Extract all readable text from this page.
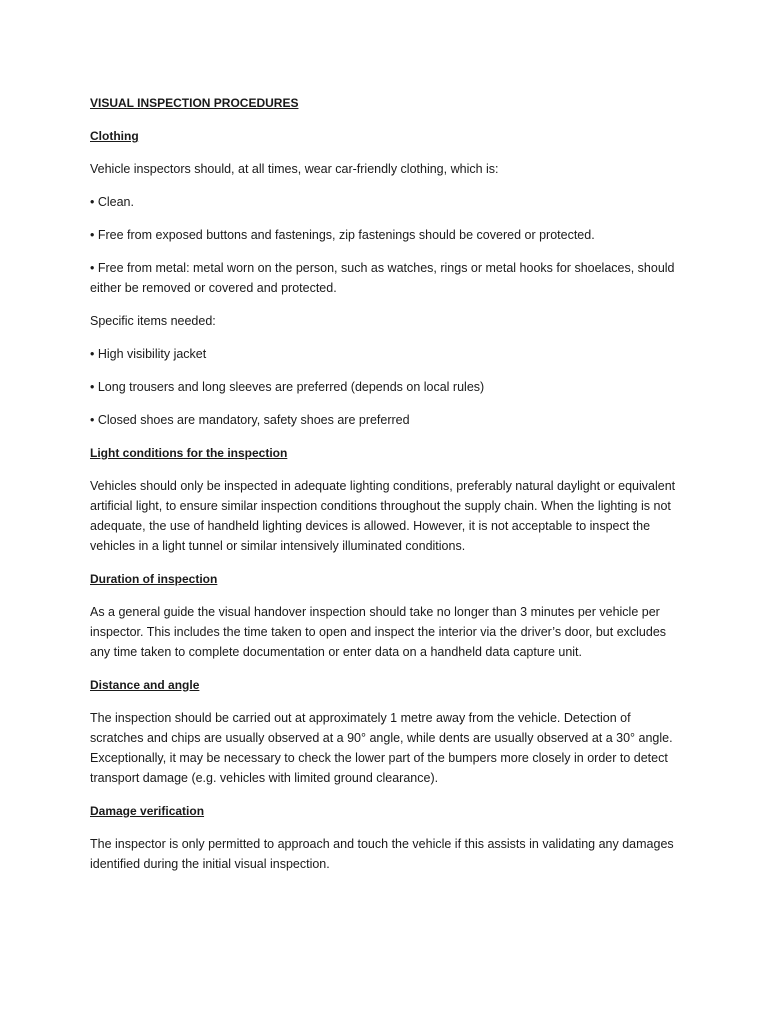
VISUAL INSPECTION PROCEDURES
Clothing
Vehicle inspectors should, at all times, wear car-friendly clothing, which is:
• Clean.
• Free from exposed buttons and fastenings, zip fastenings should be covered or protected.
• Free from metal: metal worn on the person, such as watches, rings or metal hooks for shoelaces, should either be removed or covered and protected.
Specific items needed:
• High visibility jacket
• Long trousers and long sleeves are preferred (depends on local rules)
• Closed shoes are mandatory, safety shoes are preferred
Light conditions for the inspection
Vehicles should only be inspected in adequate lighting conditions, preferably natural daylight or equivalent artificial light, to ensure similar inspection conditions throughout the supply chain. When the lighting is not adequate, the use of handheld lighting devices is allowed. However, it is not acceptable to inspect the vehicles in a light tunnel or similar intensively illuminated conditions.
Duration of inspection
As a general guide the visual handover inspection should take no longer than 3 minutes per vehicle per inspector. This includes the time taken to open and inspect the interior via the driver’s door, but excludes any time taken to complete documentation or enter data on a handheld data capture unit.
Distance and angle
The inspection should be carried out at approximately 1 metre away from the vehicle. Detection of scratches and chips are usually observed at a 90° angle, while dents are usually observed at a 30° angle. Exceptionally, it may be necessary to check the lower part of the bumpers more closely in order to detect transport damage (e.g. vehicles with limited ground clearance).
Damage verification
The inspector is only permitted to approach and touch the vehicle if this assists in validating any damages identified during the initial visual inspection.
